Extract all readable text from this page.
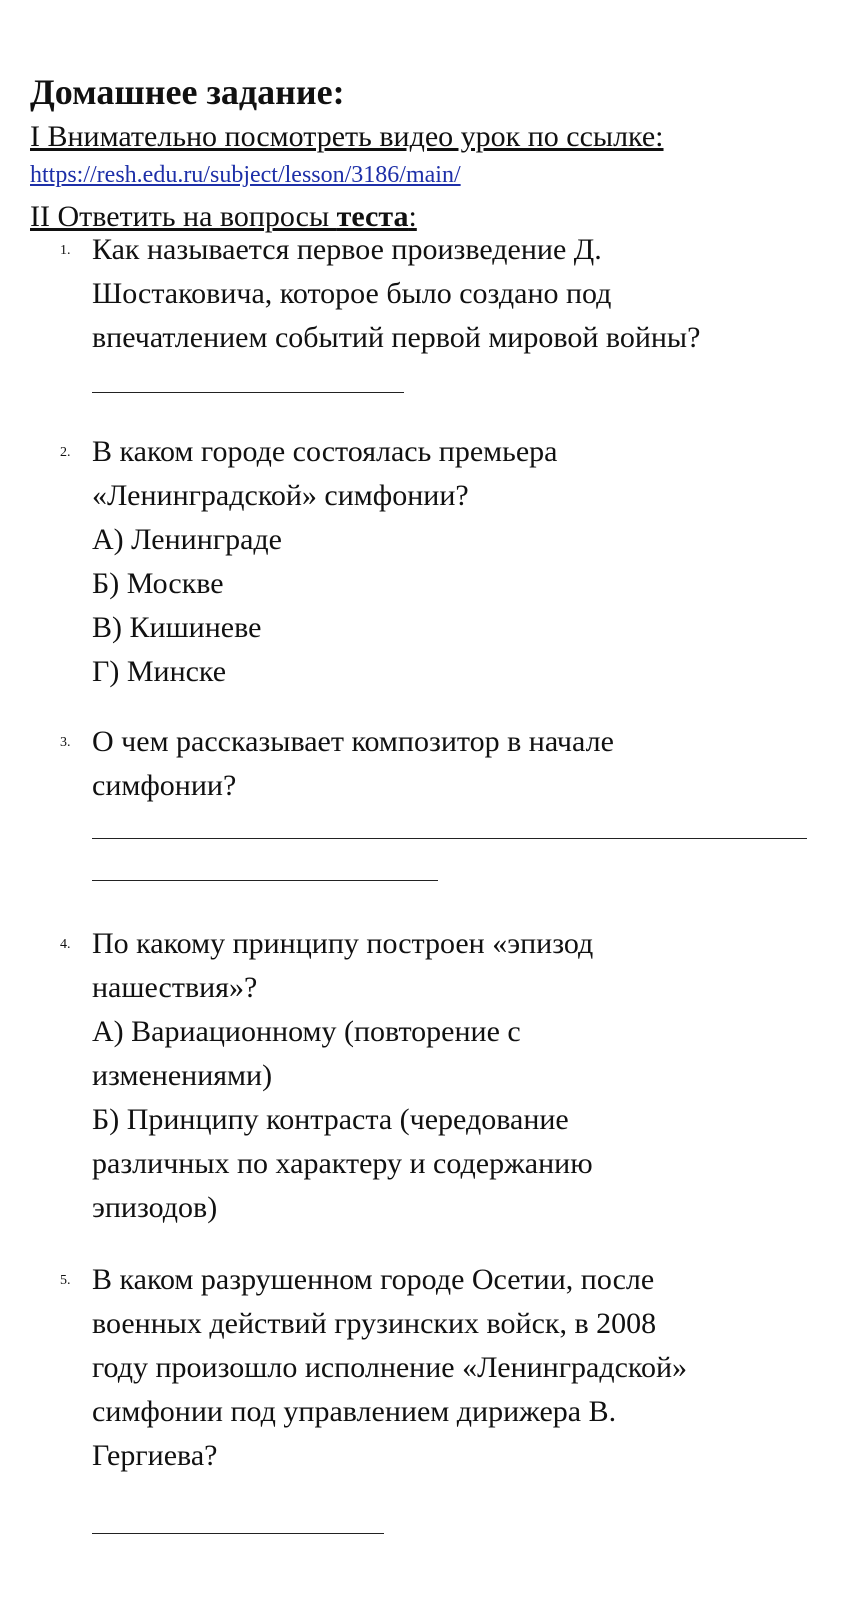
Домашнее задание:
I Внимательно посмотреть видео урок по ссылке:
https://resh.edu.ru/subject/lesson/3186/main/
II Ответить на вопросы теста:
1. Как называется первое произведение Д.
Шостаковича, которое было создано под
впечатлением событий первой мировой войны?
2. В каком городе состоялась премьера
«Ленинградской» симфонии?
А) Ленинграде
Б) Москве
В) Кишиневе
Г) Минске
3. О чем рассказывает композитор в начале
симфонии?
4. По какому принципу построен «эпизод
нашествия»?
А) Вариационному (повторение с
изменениями)
Б) Принципу контраста (чередование
различных по характеру и содержанию
эпизодов)
5. В каком разрушенном городе Осетии, после
военных действий грузинских войск, в 2008
году произошло исполнение «Ленинградской»
симфонии под управлением дирижера В.
Гергиева?
